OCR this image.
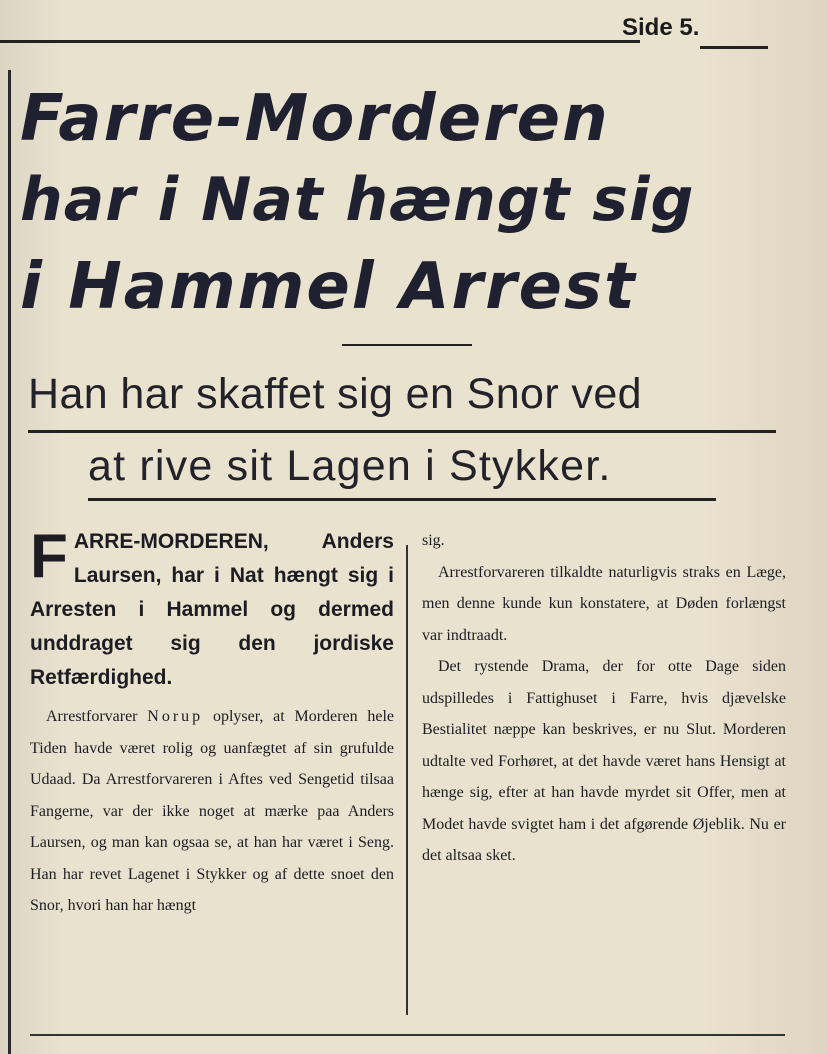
Side 5.
Farre-Morderen
har i Nat hængt sig
i Hammel Arrest
Han har skaffet sig en Snor ved
at rive sit Lagen i Stykker.

FARRE-MORDEREN, Anders Laursen, har i Nat hængt sig i Arresten i Hammel og dermed unddraget sig den jordiske Retfærdighed.

Arrestforvarer Norup oplyser, at Morderen hele Tiden havde været rolig og uanfægtet af sin grufulde Udaad. Da Arrestforvareren i Aftes ved Sengetid tilsaa Fangerne, var der ikke noget at mærke paa Anders Laursen, og man kan ogsaa se, at han har været i Seng. Han har revet Lagenet i Stykker og af dette snoet den Snor, hvori han har hængt

sig.

Arrestforvareren tilkaldte naturligvis straks en Læge, men denne kunde kun konstatere, at Døden forlængst var indtraadt.

Det rystende Drama, der for otte Dage siden udspilledes i Fattighuset i Farre, hvis djævelske Bestialitet næppe kan beskrives, er nu Slut. Morderen udtalte ved Forhøret, at det havde været hans Hensigt at hænge sig, efter at han havde myrdet sit Offer, men at Modet havde svigtet ham i det afgørende Øjeblik. Nu er det altsaa sket.
